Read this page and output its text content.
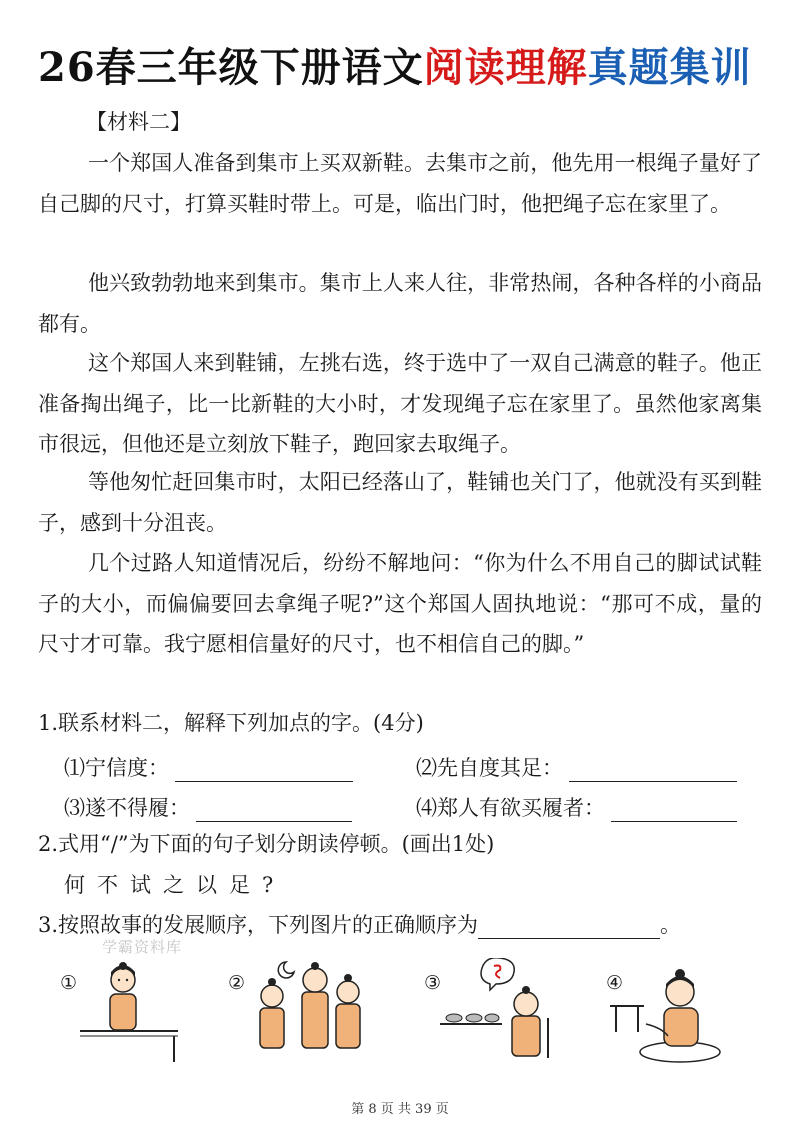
26春三年级下册语文阅读理解真题集训
【材料二】
一个郑国人准备到集市上买双新鞋。去集市之前，他先用一根绳子量好了自己脚的尺寸，打算买鞋时带上。可是，临出门时，他把绳子忘在家里了。
他兴致勃勃地来到集市。集市上人来人往，非常热闹，各种各样的小商品都有。
这个郑国人来到鞋铺，左挑右选，终于选中了一双自己满意的鞋子。他正准备掏出绳子，比一比新鞋的大小时，才发现绳子忘在家里了。虽然他家离集市很远，但他还是立刻放下鞋子，跑回家去取绳子。
等他匆忙赶回集市时，太阳已经落山了，鞋铺也关门了，他就没有买到鞋子，感到十分沮丧。
几个过路人知道情况后，纷纷不解地问：“你为什么不用自己的脚试试鞋子的大小，而偏偏要回去拿绳子呢?”这个郑国人固执地说：“那可不成，量的尺寸才可靠。我宁愿相信量好的尺寸，也不相信自己的脚。”
1.联系材料二，解释下列加点的字。(4分)
⑴宁信度：	⑵先自度其足：
⑶遂不得履：	⑷郑人有欲买履者：
2.式用“/”为下面的句子划分朗读停顿。(画出1处)
何不试之以足?
3.按照故事的发展顺序，下列图片的正确顺序为	。
学霸资料库
①	②	③	④
第 8 页 共 39 页
